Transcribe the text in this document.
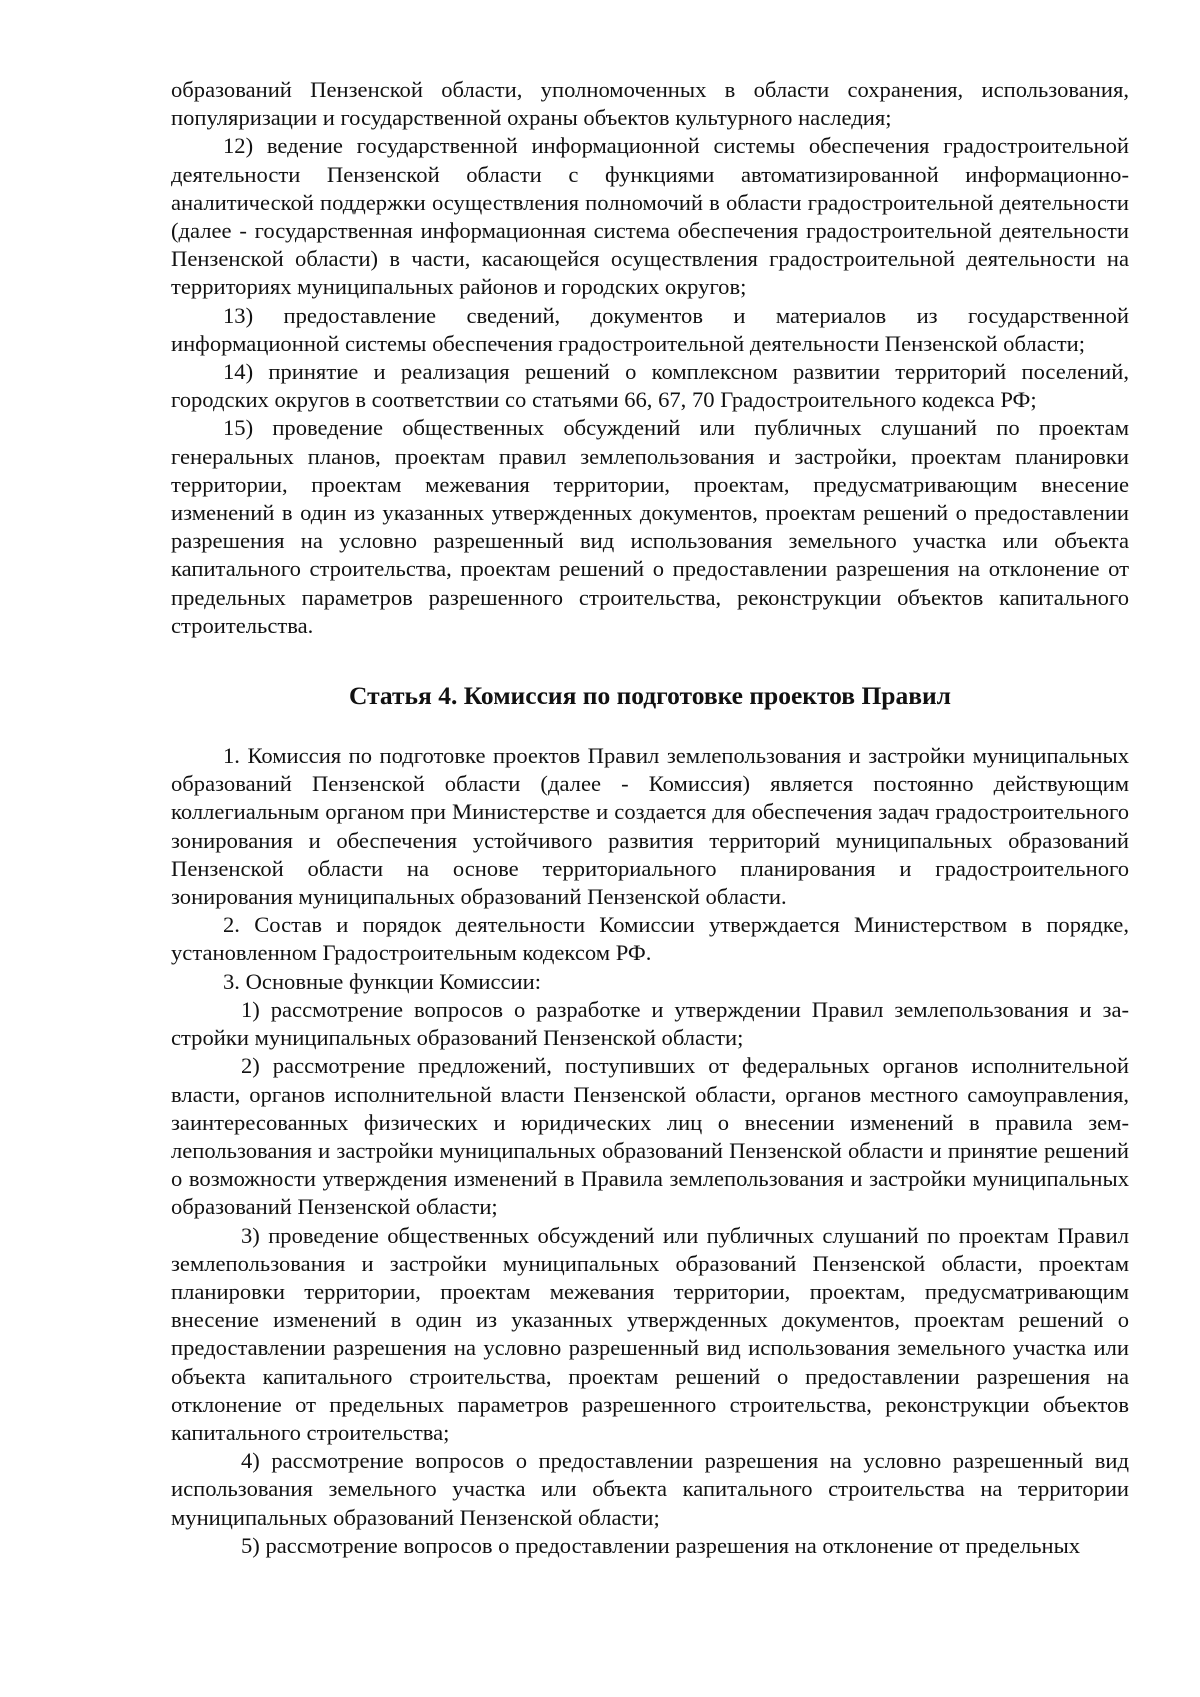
образований Пензенской области, уполномоченных в области сохранения, использования, популяризации и государственной охраны объектов культурного наследия;

12) ведение государственной информационной системы обеспечения градостроительной деятельности Пензенской области с функциями автоматизированной информационно-аналитической поддержки осуществления полномочий в области градостроительной деятельности (далее - государственная информационная система обеспечения градостроительной деятельности Пензенской области) в части, касающейся осуществления градостроительной деятельности на территориях муниципальных районов и городских округов;

13) предоставление сведений, документов и материалов из государственной информационной системы обеспечения градостроительной деятельности Пензенской области;

14) принятие и реализация решений о комплексном развитии территорий поселений, городских округов в соответствии со статьями 66, 67, 70 Градостроительного кодекса РФ;

15) проведение общественных обсуждений или публичных слушаний по проектам генеральных планов, проектам правил землепользования и застройки, проектам планировки территории, проектам межевания территории, проектам, предусматривающим внесение изменений в один из указанных утвержденных документов, проектам решений о предоставлении разрешения на условно разрешенный вид использования земельного участка или объекта капитального строительства, проектам решений о предоставлении разрешения на отклонение от предельных параметров разрешенного строительства, реконструкции объектов капитального строительства.

Статья 4. Комиссия по подготовке проектов Правил

1. Комиссия по подготовке проектов Правил землепользования и застройки муниципальных образований Пензенской области (далее - Комиссия) является постоянно действующим коллегиальным органом при Министерстве и создается для обеспечения задач градостроительного зонирования и обеспечения устойчивого развития территорий муниципальных образований Пензенской области на основе территориального планирования и градостроительного зонирования муниципальных образований Пензенской области.

2. Состав и порядок деятельности Комиссии утверждается Министерством в порядке, установленном Градостроительным кодексом РФ.

3. Основные функции Комиссии:

1) рассмотрение вопросов о разработке и утверждении Правил землепользования и застройки муниципальных образований Пензенской области;

2) рассмотрение предложений, поступивших от федеральных органов исполнительной власти, органов исполнительной власти Пензенской области, органов местного самоуправления, заинтересованных физических и юридических лиц о внесении изменений в правила землепользования и застройки муниципальных образований Пензенской области и принятие решений о возможности утверждения изменений в Правила землепользования и застройки муниципальных образований Пензенской области;

3) проведение общественных обсуждений или публичных слушаний по проектам Правил землепользования и застройки муниципальных образований Пензенской области, проектам планировки территории, проектам межевания территории, проектам, предусматривающим внесение изменений в один из указанных утвержденных документов, проектам решений о предоставлении разрешения на условно разрешенный вид использования земельного участка или объекта капитального строительства, проектам решений о предоставлении разрешения на отклонение от предельных параметров разрешенного строительства, реконструкции объектов капитального строительства;

4) рассмотрение вопросов о предоставлении разрешения на условно разрешенный вид использования земельного участка или объекта капитального строительства на территории муниципальных образований Пензенской области;

5) рассмотрение вопросов о предоставлении разрешения на отклонение от предельных
